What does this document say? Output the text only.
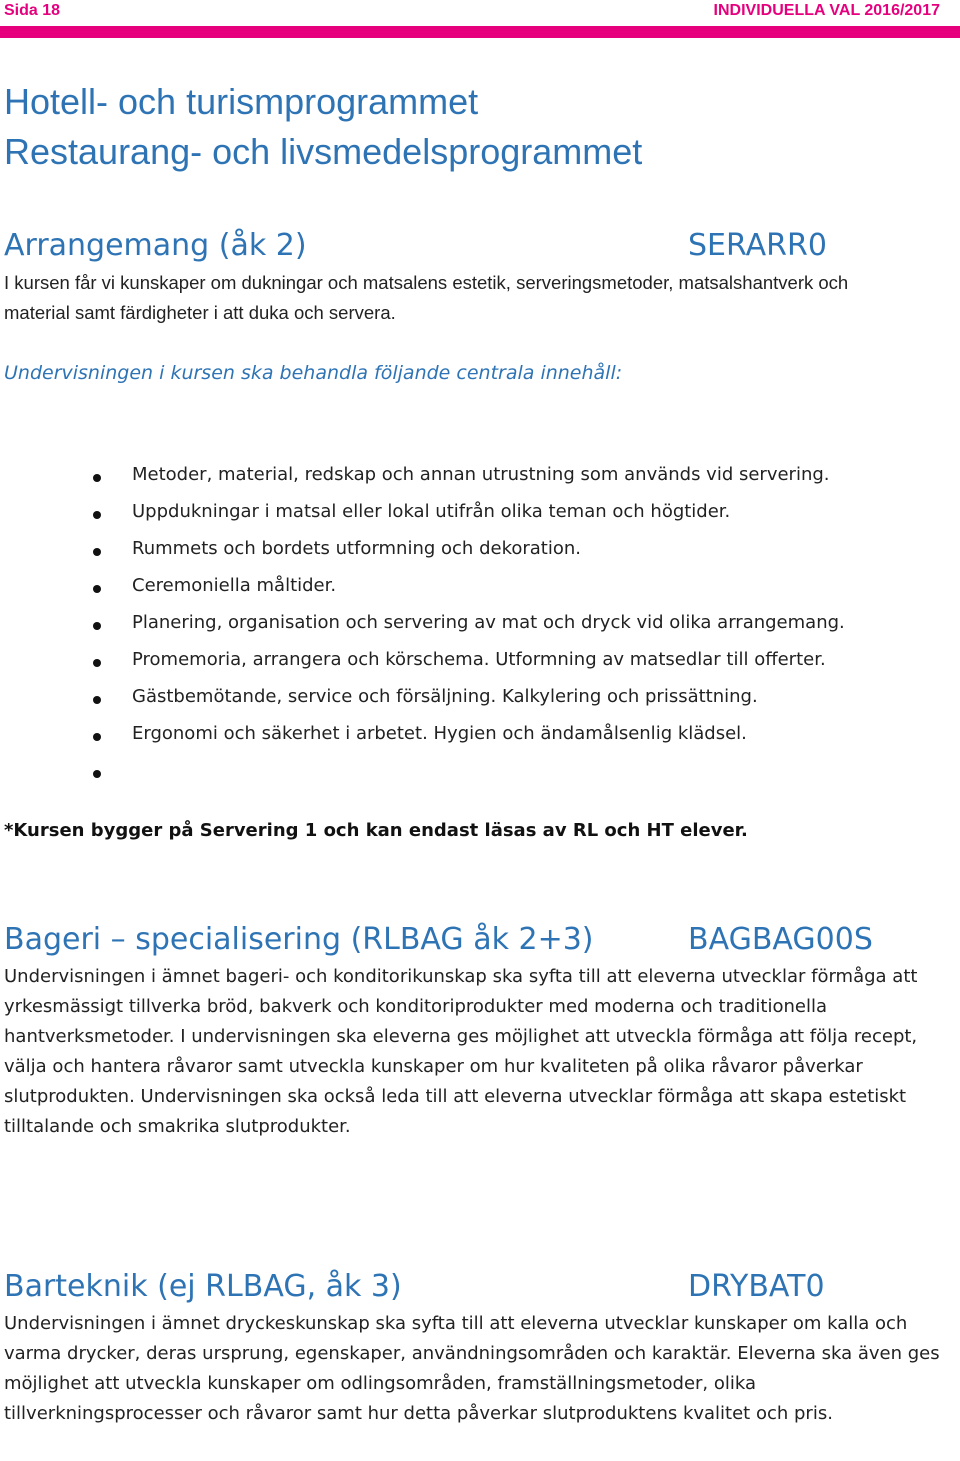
Sida 18	INDIVIDUELLA VAL 2016/2017
Hotell- och turismprogrammet
Restaurang- och livsmedelsprogrammet
Arrangemang (åk 2)	SERARR0

I kursen får vi kunskaper om dukningar och matsalens estetik, serveringsmetoder, matsalshantverk och material samt färdigheter i att duka och servera.

Undervisningen i kursen ska behandla följande centrala innehåll:
Metoder, material, redskap och annan utrustning som används vid servering.
Uppdukningar i matsal eller lokal utifrån olika teman och högtider.
Rummets och bordets utformning och dekoration.
Ceremoniella måltider.
Planering, organisation och servering av mat och dryck vid olika arrangemang.
Promemoria, arrangera och körschema. Utformning av matsedlar till offerter.
Gästbemötande, service och försäljning. Kalkylering och prissättning.
Ergonomi och säkerhet i arbetet. Hygien och ändamålsenlig klädsel.
*Kursen bygger på Servering 1 och kan endast läsas av RL och HT elever.
Bageri – specialisering (RLBAG åk 2+3)	BAGBAG00S

Undervisningen i ämnet bageri- och konditorikunskap ska syfta till att eleverna utvecklar förmåga att yrkesmässigt tillverka bröd, bakverk och konditoriprodukter med moderna och traditionella hantverksmetoder. I undervisningen ska eleverna ges möjlighet att utveckla förmåga att följa recept, välja och hantera råvaror samt utveckla kunskaper om hur kvaliteten på olika råvaror påverkar slutprodukten. Undervisningen ska också leda till att eleverna utvecklar förmåga att skapa estetiskt tilltalande och smakrika slutprodukter.

Barteknik (ej RLBAG, åk 3)	DRYBAT0

Undervisningen i ämnet dryckeskunskap ska syfta till att eleverna utvecklar kunskaper om kalla och varma drycker, deras ursprung, egenskaper, användningsområden och karaktär. Eleverna ska även ges möjlighet att utveckla kunskaper om odlingsområden, framställningsmetoder, olika tillverkningsprocesser och råvaror samt hur detta påverkar slutproduktens kvalitet och pris.
